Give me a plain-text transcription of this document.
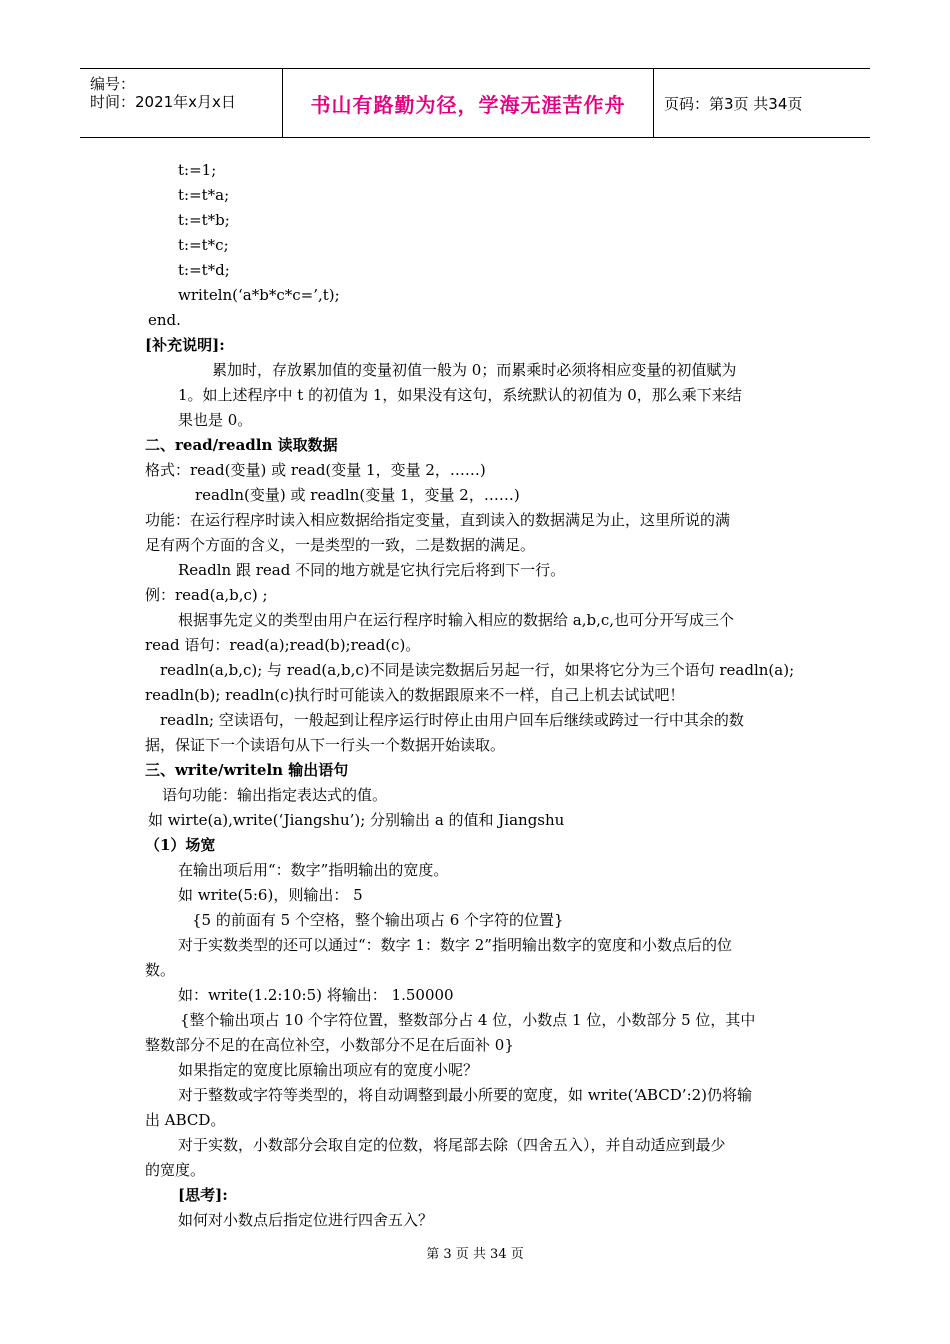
编号：
时间：2021年x月x日	书山有路勤为径，学海无涯苦作舟	页码：第3页 共34页
t:=1;
t:=t*a;
t:=t*b;
t:=t*c;
t:=t*d;
writeln(‘a*b*c*c=’,t);
end.
[补充说明]:
累加时，存放累加值的变量初值一般为 0；而累乘时必须将相应变量的初值赋为
1。如上述程序中 t 的初值为 1，如果没有这句，系统默认的初值为 0，那么乘下来结
果也是 0。
二、read/readln 读取数据
格式：read(变量) 或 read(变量 1，变量 2，……)
readln(变量) 或 readln(变量 1，变量 2，……)
功能：在运行程序时读入相应数据给指定变量，直到读入的数据满足为止，这里所说的满
足有两个方面的含义，一是类型的一致，二是数据的满足。
Readln 跟 read 不同的地方就是它执行完后将到下一行。
例：read(a,b,c) ;
根据事先定义的类型由用户在运行程序时输入相应的数据给 a,b,c,也可分开写成三个
read 语句：read(a);read(b);read(c)。
readln(a,b,c); 与 read(a,b,c)不同是读完数据后另起一行，如果将它分为三个语句 readln(a);
readln(b); readln(c)执行时可能读入的数据跟原来不一样，自己上机去试试吧！
readln; 空读语句，一般起到让程序运行时停止由用户回车后继续或跨过一行中其余的数
据，保证下一个读语句从下一行头一个数据开始读取。
三、write/writeln 输出语句
语句功能：输出指定表达式的值。
如 wirte(a),write(‘Jiangshu’); 分别输出 a 的值和 Jiangshu
（1）场宽
在输出项后用“：数字”指明输出的宽度。
如 write(5:6)，则输出： 5
{5 的前面有 5 个空格，整个输出项占 6 个字符的位置}
对于实数类型的还可以通过“：数字 1：数字 2”指明输出数字的宽度和小数点后的位
数。
如：write(1.2:10:5) 将输出： 1.50000
{整个输出项占 10 个字符位置，整数部分占 4 位，小数点 1 位，小数部分 5 位，其中
整数部分不足的在高位补空，小数部分不足在后面补 0}
如果指定的宽度比原输出项应有的宽度小呢？
对于整数或字符等类型的，将自动调整到最小所要的宽度，如 write(‘ABCD’:2)仍将输
出 ABCD。
对于实数，小数部分会取自定的位数，将尾部去除（四舍五入），并自动适应到最少
的宽度。
[思考]:
如何对小数点后指定位进行四舍五入？
第 3 页 共 34 页
